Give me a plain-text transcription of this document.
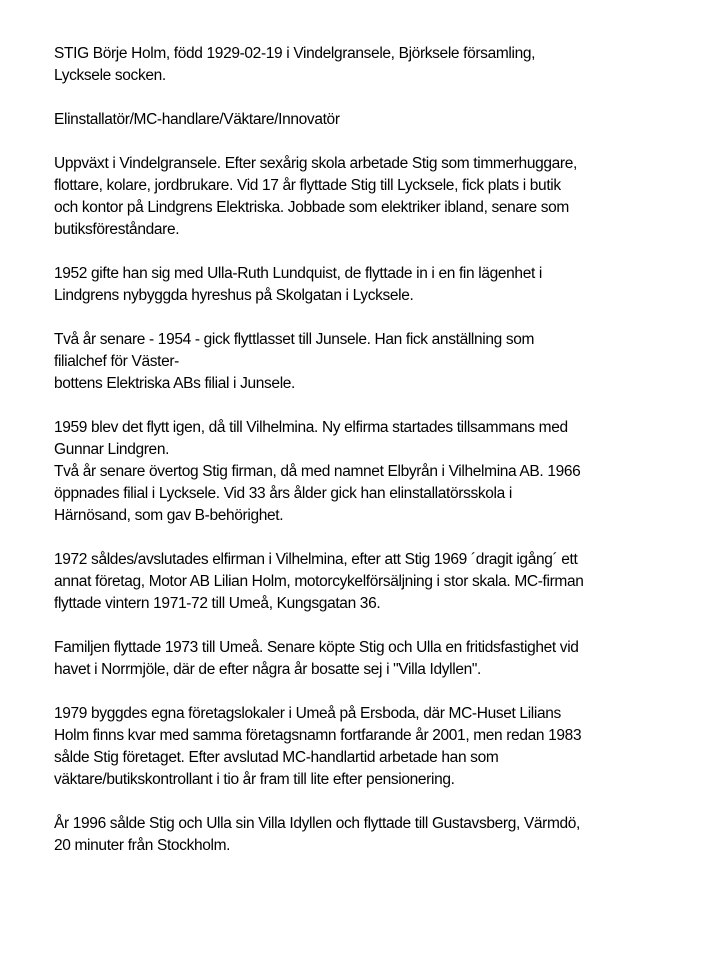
STIG Börje Holm, född 1929-02-19 i Vindelgranselе, Björksele församling,
Lycksele socken.
Elinstallatör/MC-handlare/Väktare/Innovatör
Uppväxt i Vindelgransele. Efter sexårig skola arbetade Stig som timmerhuggare,
flottare, kolare, jordbrukare. Vid 17 år flyttade Stig till Lycksele, fick plats i butik
och kontor på Lindgrens Elektriska. Jobbade som elektriker ibland, senare som
butiksföreståndare.
1952 gifte han sig med Ulla-Ruth Lundquist, de flyttade in i en fin lägenhet i
Lindgrens nybyggda hyreshus på Skolgatan i Lycksele.
Två år senare - 1954 - gick flyttlasset till Junsele. Han fick anställning som
filialchef för Väster-
bottens Elektriska ABs filial i Junsele.
1959 blev det flytt igen, då till Vilhelmina. Ny elfirma startades tillsammans med
Gunnar Lindgren.
Två år senare övertog Stig firman, då med namnet Elbyrån i Vilhelmina AB. 1966
öppnades filial i Lycksele. Vid 33 års ålder gick han elinstallatörsskola i
Härnösand, som gav B-behörighet.
1972 såldes/avslutades elfirman i Vilhelmina, efter att Stig 1969 ´dragit igång´ ett
annat företag, Motor AB Lilian Holm, motorcykelförsäljning i stor skala. MC-firman
flyttade vintern 1971-72 till Umeå, Kungsgatan 36.
Familjen flyttade 1973 till Umeå. Senare köpte Stig och Ulla en fritidsfastighet vid
havet i Norrmjöle, där de efter några år bosatte sej i "Villa Idyllen".
1979 byggdes egna företagslokaler i Umeå på Ersboda, där MC-Huset Lilians
Holm finns kvar med samma företagsnamn fortfarande år 2001, men redan 1983
sålde Stig företaget. Efter avslutad MC-handlartid arbetade han som
väktare/butikskontrollant i tio år fram till lite efter pensionering.
År 1996 sålde Stig och Ulla sin Villa Idyllen och flyttade till Gustavsberg, Värmdö,
20 minuter från Stockholm.
